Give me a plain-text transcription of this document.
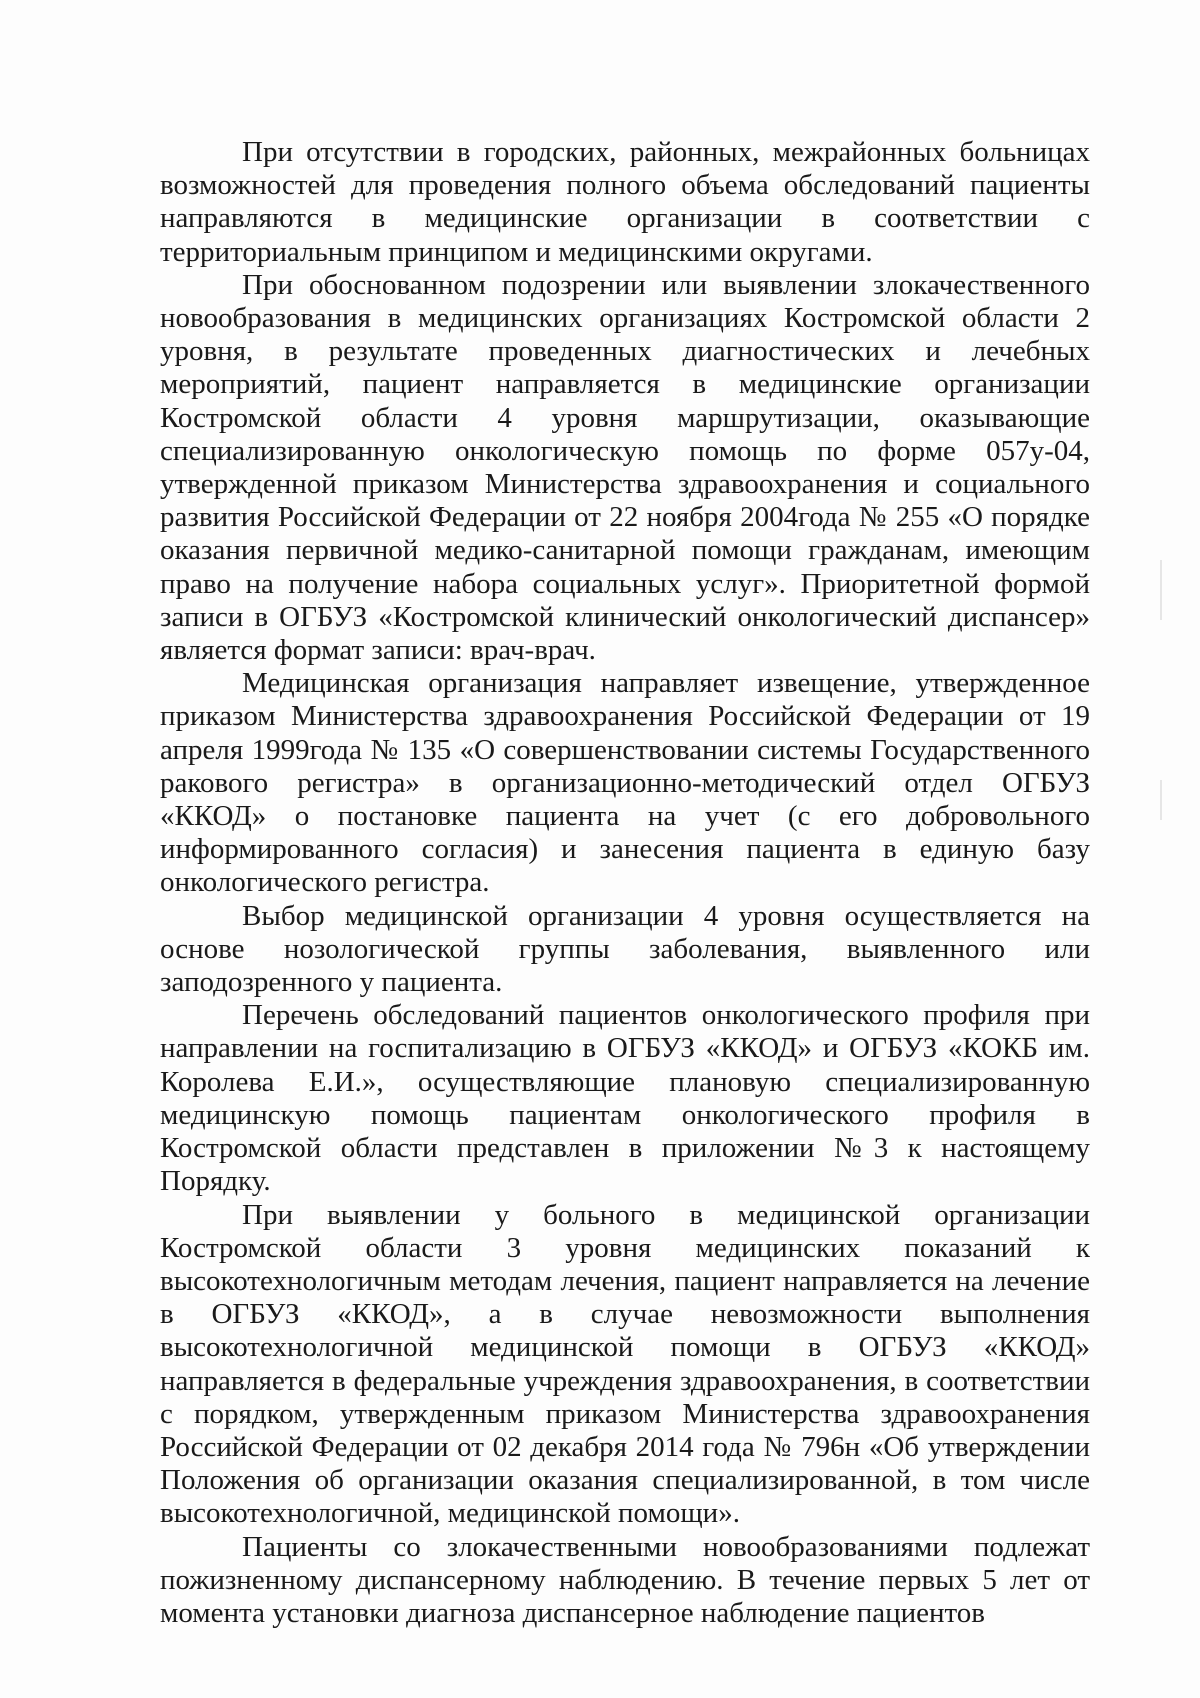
При отсутствии в городских, районных, межрайонных больницах возможностей для проведения полного объема обследований пациенты направляются в медицинские организации в соответствии с территориальным принципом и медицинскими округами.

При обоснованном подозрении или выявлении злокачественного новообразования в медицинских организациях Костромской области 2 уровня, в результате проведенных диагностических и лечебных мероприятий, пациент направляется в медицинские организации Костромской области 4 уровня маршрутизации, оказывающие специализированную онкологическую помощь по форме 057у-04, утвержденной приказом Министерства здравоохранения и социального развития Российской Федерации от 22 ноября 2004года № 255 «О порядке оказания первичной медико-санитарной помощи гражданам, имеющим право на получение набора социальных услуг». Приоритетной формой записи в ОГБУЗ «Костромской клинический онкологический диспансер» является формат записи: врач-врач.

Медицинская организация направляет извещение, утвержденное приказом Министерства здравоохранения Российской Федерации от 19 апреля 1999года № 135 «О совершенствовании системы Государственного ракового регистра» в организационно-методический отдел ОГБУЗ «ККОД» о постановке пациента на учет (с его добровольного информированного согласия) и занесения пациента в единую базу онкологического регистра.

Выбор медицинской организации 4 уровня осуществляется на основе нозологической группы заболевания, выявленного или заподозренного у пациента.

Перечень обследований пациентов онкологического профиля при направлении на госпитализацию в ОГБУЗ «ККОД» и ОГБУЗ «КОКБ им. Королева Е.И.», осуществляющие плановую специализированную медицинскую помощь пациентам онкологического профиля в Костромской области представлен в приложении №3 к настоящему Порядку.

При выявлении у больного в медицинской организации Костромской области 3 уровня медицинских показаний к высокотехнологичным методам лечения, пациент направляется на лечение в ОГБУЗ «ККОД», а в случае невозможности выполнения высокотехнологичной медицинской помощи в ОГБУЗ «ККОД» направляется в федеральные учреждения здравоохранения, в соответствии с порядком, утвержденным приказом Министерства здравоохранения Российской Федерации от 02 декабря 2014 года № 796н «Об утверждении Положения об организации оказания специализированной, в том числе высокотехнологичной, медицинской помощи».

Пациенты со злокачественными новообразованиями подлежат пожизненному диспансерному наблюдению. В течение первых 5 лет от момента установки диагноза диспансерное наблюдение пациентов
